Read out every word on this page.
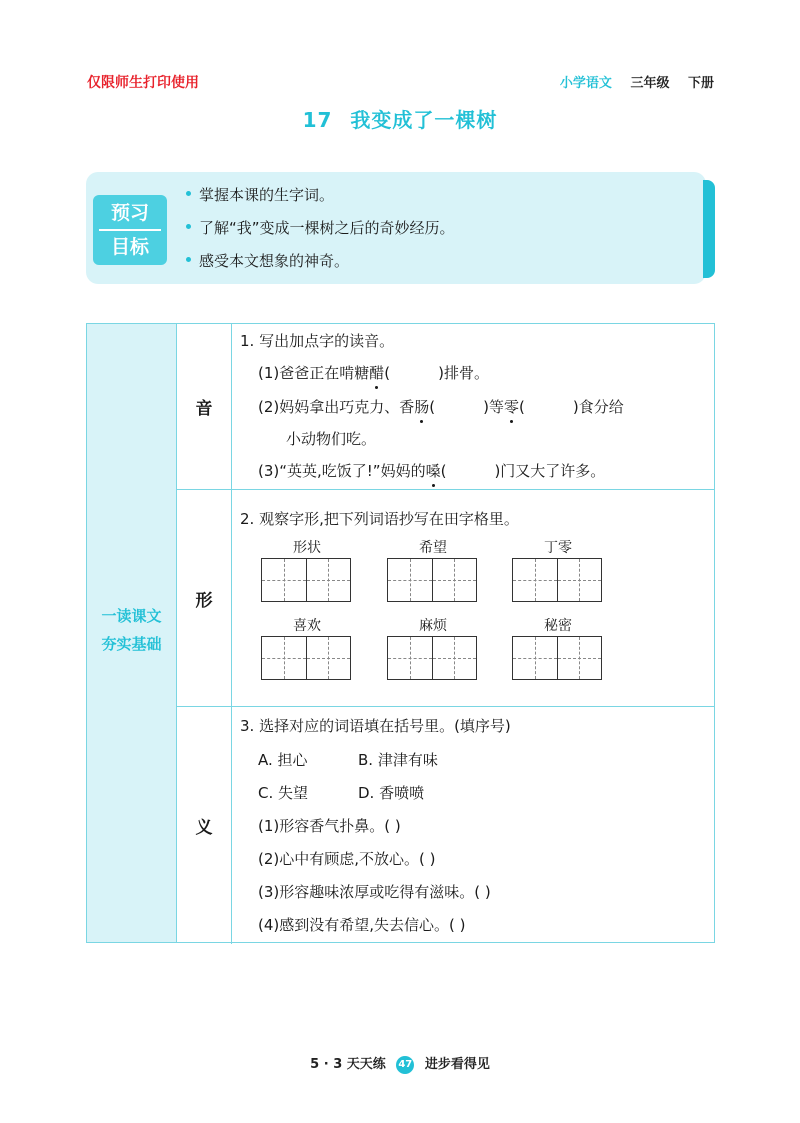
仅限师生打印使用	小学语文 三年级 下册
17 我变成了一棵树
预习
目标
掌握本课的生字词。
了解“我”变成一棵树之后的奇妙经历。
感受本文想象的神奇。
一读课文
夯实基础
音
1. 写出加点字的读音。
(1)爸爸正在啃糖醋(	)排骨。
(2)妈妈拿出巧克力、香肠(	)等零(	)食分给
小动物们吃。
(3)“英英,吃饭了!”妈妈的嗓(	)门又大了许多。
形
2. 观察字形,把下列词语抄写在田字格里。
形状	希望	丁零
喜欢	麻烦	秘密
义
3. 选择对应的词语填在括号里。(填序号)
A. 担心	B. 津津有味
C. 失望	D. 香喷喷
(1)形容香气扑鼻。( )
(2)心中有顾虑,不放心。( )
(3)形容趣味浓厚或吃得有滋味。( )
(4)感到没有希望,失去信心。( )
5 · 3 天天练 47 进步看得见
